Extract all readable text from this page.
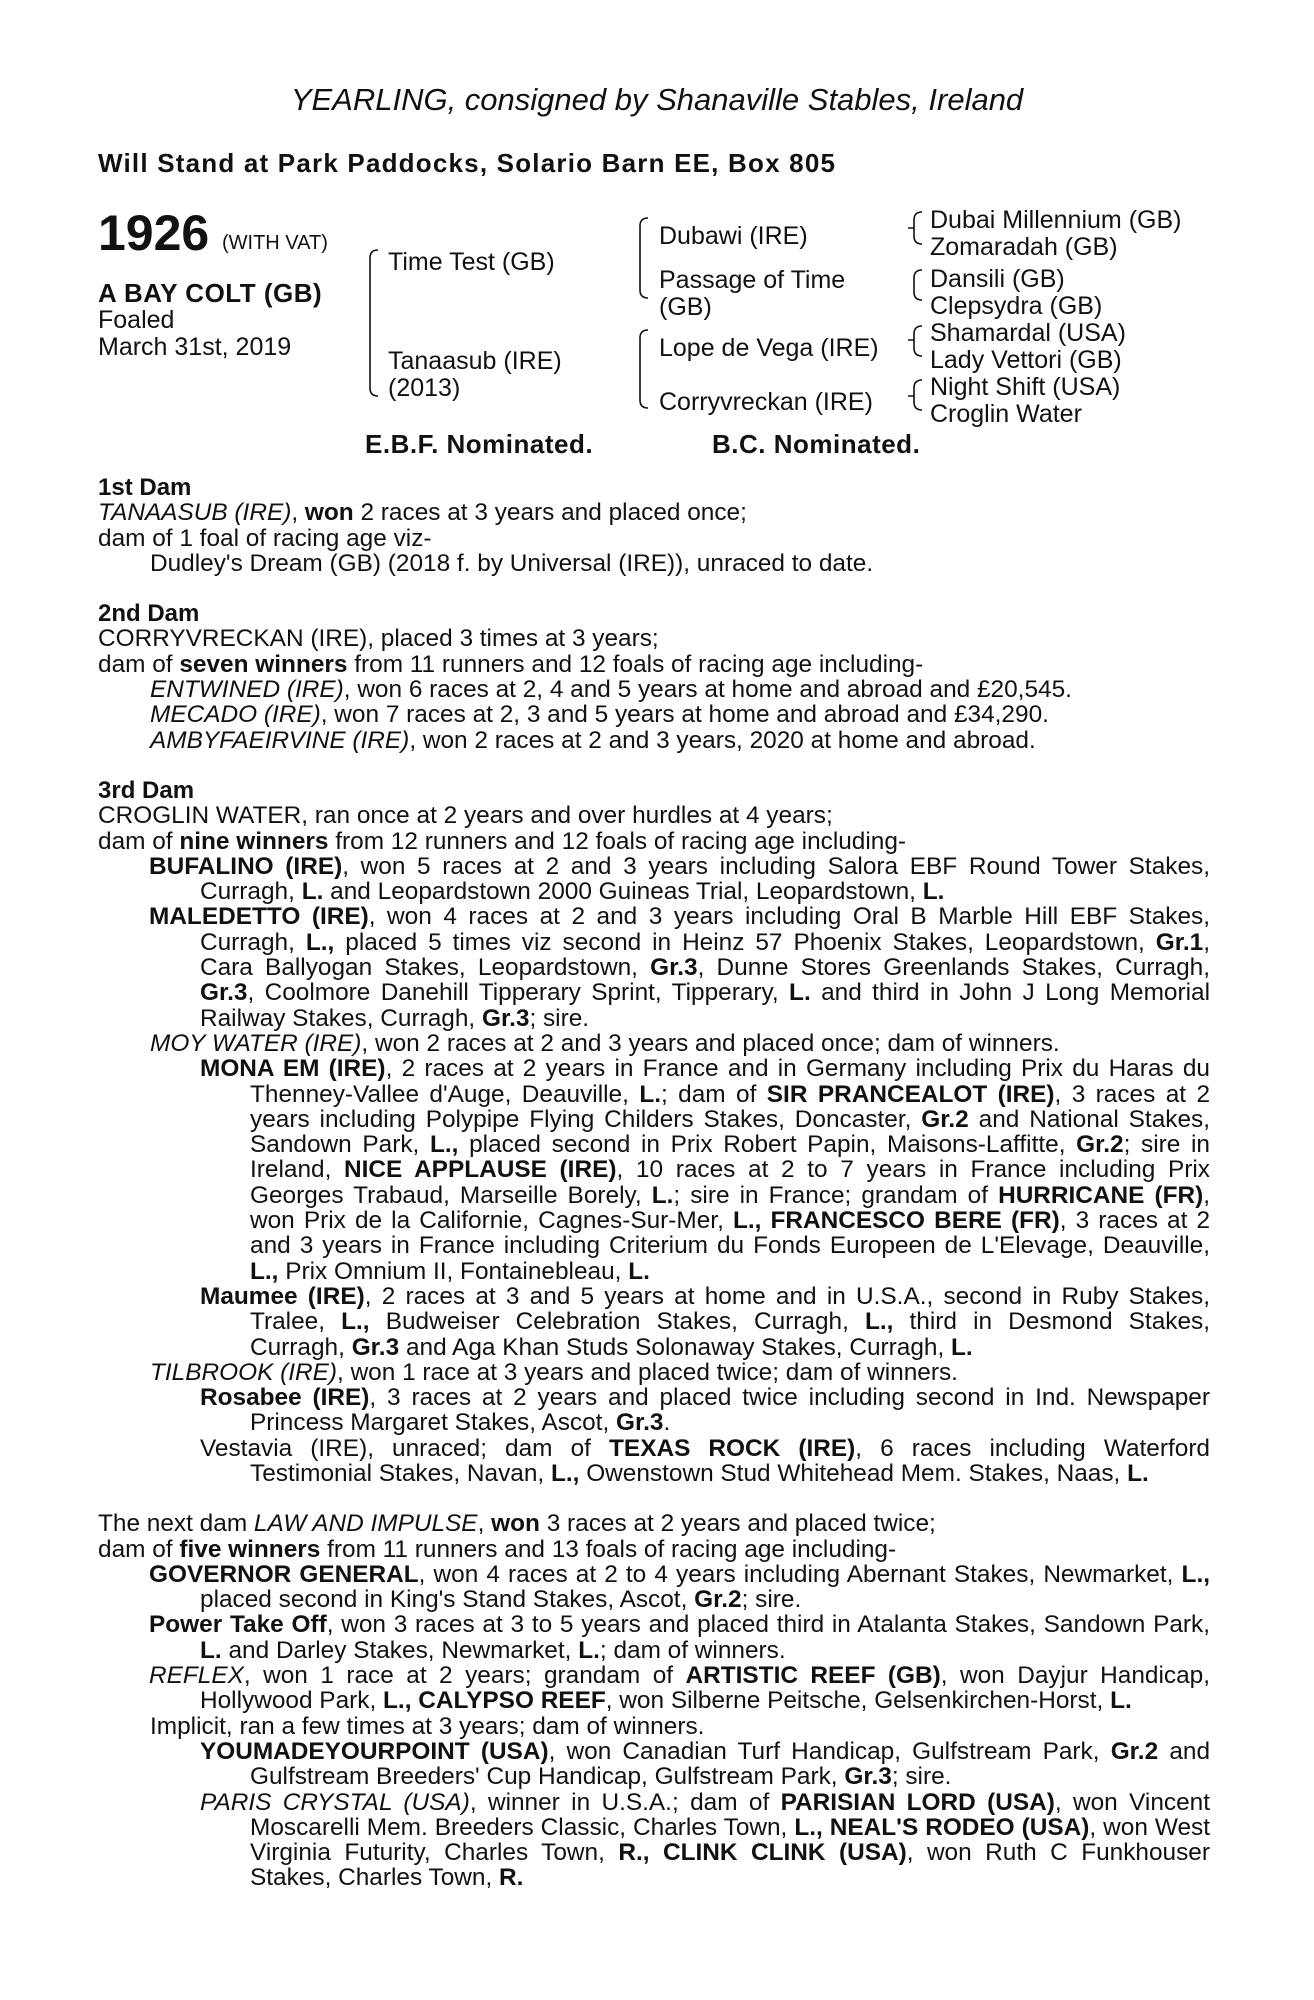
YEARLING, consigned by Shanaville Stables, Ireland
Will Stand at Park Paddocks, Solario Barn EE, Box 805
1926 (WITH VAT)
A BAY COLT (GB)
Foaled
March 31st, 2019
Time Test (GB)
Tanaasub (IRE)
(2013)
Dubawi (IRE)
Passage of Time
(GB)
Lope de Vega (IRE)
Corryvreckan (IRE)
Dubai Millennium (GB)
Zomaradah (GB)
Dansili (GB)
Clepsydra (GB)
Shamardal (USA)
Lady Vettori (GB)
Night Shift (USA)
Croglin Water
E.B.F. Nominated.	B.C. Nominated.
1st Dam
TANAASUB (IRE), won 2 races at 3 years and placed once;
dam of 1 foal of racing age viz-
Dudley's Dream (GB) (2018 f. by Universal (IRE)), unraced to date.
2nd Dam
CORRYVRECKAN (IRE), placed 3 times at 3 years;
dam of seven winners from 11 runners and 12 foals of racing age including-
ENTWINED (IRE), won 6 races at 2, 4 and 5 years at home and abroad and £20,545.
MECADO (IRE), won 7 races at 2, 3 and 5 years at home and abroad and £34,290.
AMBYFAEIRVINE (IRE), won 2 races at 2 and 3 years, 2020 at home and abroad.
3rd Dam
CROGLIN WATER, ran once at 2 years and over hurdles at 4 years;
dam of nine winners from 12 runners and 12 foals of racing age including-
BUFALINO (IRE), won 5 races at 2 and 3 years including Salora EBF Round Tower Stakes, Curragh, L. and Leopardstown 2000 Guineas Trial, Leopardstown, L.
MALEDETTO (IRE), won 4 races at 2 and 3 years including Oral B Marble Hill EBF Stakes, Curragh, L., placed 5 times viz second in Heinz 57 Phoenix Stakes, Leopardstown, Gr.1, Cara Ballyogan Stakes, Leopardstown, Gr.3, Dunne Stores Greenlands Stakes, Curragh, Gr.3, Coolmore Danehill Tipperary Sprint, Tipperary, L. and third in John J Long Memorial Railway Stakes, Curragh, Gr.3; sire.
MOY WATER (IRE), won 2 races at 2 and 3 years and placed once; dam of winners.
MONA EM (IRE), 2 races at 2 years in France and in Germany including Prix du Haras du Thenney-Vallee d'Auge, Deauville, L.; dam of SIR PRANCEALOT (IRE), 3 races at 2 years including Polypipe Flying Childers Stakes, Doncaster, Gr.2 and National Stakes, Sandown Park, L., placed second in Prix Robert Papin, Maisons-Laffitte, Gr.2; sire in Ireland, NICE APPLAUSE (IRE), 10 races at 2 to 7 years in France including Prix Georges Trabaud, Marseille Borely, L.; sire in France; grandam of HURRICANE (FR), won Prix de la Californie, Cagnes-Sur-Mer, L., FRANCESCO BERE (FR), 3 races at 2 and 3 years in France including Criterium du Fonds Europeen de L'Elevage, Deauville, L., Prix Omnium II, Fontainebleau, L.
Maumee (IRE), 2 races at 3 and 5 years at home and in U.S.A., second in Ruby Stakes, Tralee, L., Budweiser Celebration Stakes, Curragh, L., third in Desmond Stakes, Curragh, Gr.3 and Aga Khan Studs Solonaway Stakes, Curragh, L.
TILBROOK (IRE), won 1 race at 3 years and placed twice; dam of winners.
Rosabee (IRE), 3 races at 2 years and placed twice including second in Ind. Newspaper Princess Margaret Stakes, Ascot, Gr.3.
Vestavia (IRE), unraced; dam of TEXAS ROCK (IRE), 6 races including Waterford Testimonial Stakes, Navan, L., Owenstown Stud Whitehead Mem. Stakes, Naas, L.
The next dam LAW AND IMPULSE, won 3 races at 2 years and placed twice;
dam of five winners from 11 runners and 13 foals of racing age including-
GOVERNOR GENERAL, won 4 races at 2 to 4 years including Abernant Stakes, Newmarket, L., placed second in King's Stand Stakes, Ascot, Gr.2; sire.
Power Take Off, won 3 races at 3 to 5 years and placed third in Atalanta Stakes, Sandown Park, L. and Darley Stakes, Newmarket, L.; dam of winners.
REFLEX, won 1 race at 2 years; grandam of ARTISTIC REEF (GB), won Dayjur Handicap, Hollywood Park, L., CALYPSO REEF, won Silberne Peitsche, Gelsenkirchen-Horst, L.
Implicit, ran a few times at 3 years; dam of winners.
YOUMADEYOURPOINT (USA), won Canadian Turf Handicap, Gulfstream Park, Gr.2 and Gulfstream Breeders' Cup Handicap, Gulfstream Park, Gr.3; sire.
PARIS CRYSTAL (USA), winner in U.S.A.; dam of PARISIAN LORD (USA), won Vincent Moscarelli Mem. Breeders Classic, Charles Town, L., NEAL'S RODEO (USA), won West Virginia Futurity, Charles Town, R., CLINK CLINK (USA), won Ruth C Funkhouser Stakes, Charles Town, R.
